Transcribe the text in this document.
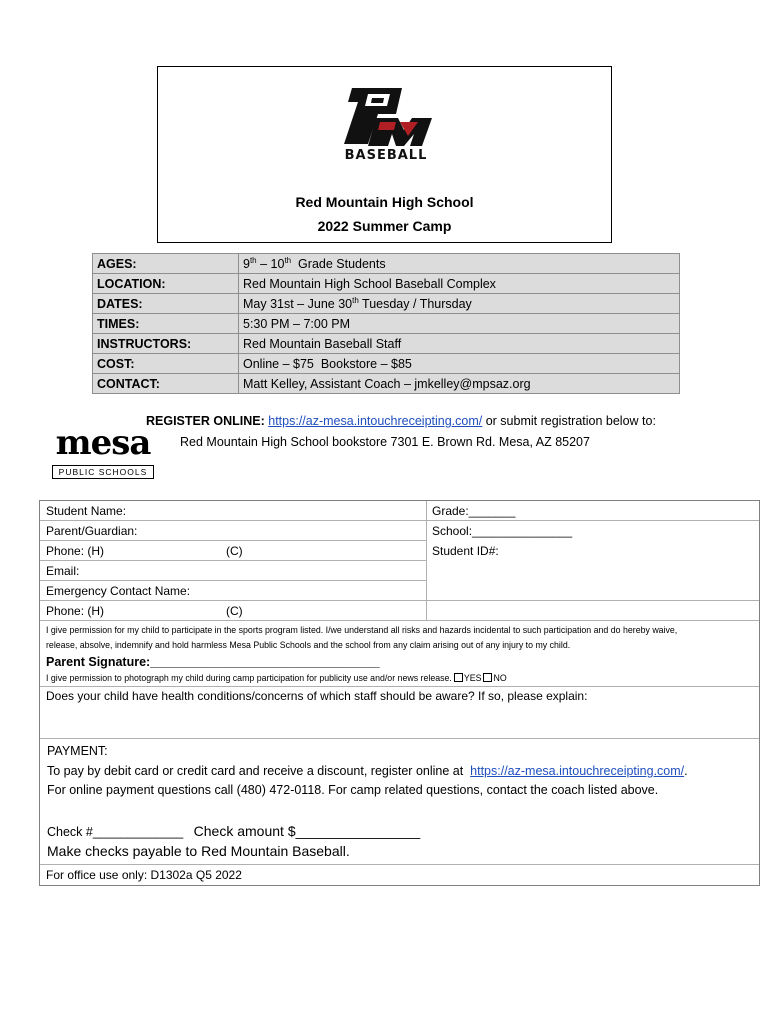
BASEBALL
Red Mountain High School
2022 Summer Camp
AGES:	9th – 10th  Grade Students
LOCATION:	Red Mountain High School Baseball Complex
DATES:	May 31st – June 30th Tuesday / Thursday
TIMES:	5:30 PM – 7:00 PM
INSTRUCTORS:	Red Mountain Baseball Staff
COST:	Online – $75  Bookstore – $85
CONTACT:	Matt Kelley, Assistant Coach – jmkelley@mpsaz.org
REGISTER ONLINE: https://az-mesa.intouchreceipting.com/ or submit registration below to:
Red Mountain High School bookstore 7301 E. Brown Rd. Mesa, AZ 85207
mesa
PUBLIC SCHOOLS
Student Name:	Grade:_______
Parent/Guardian:	School:_______________
Phone: (H)	(C)	Student ID#:
Email:
Emergency Contact Name:
Phone: (H)	(C)
I give permission for my child to participate in the sports program listed. I/we understand all risks and hazards incidental to such participation and do hereby waive,
release, absolve, indemnify and hold harmless Mesa Public Schools and the school from any claim arising out of any injury to my child.
Parent Signature:_________________________________
I give permission to photograph my child during camp participation for publicity use and/or news release. YES NO
Does your child have health conditions/concerns of which staff should be aware? If so, please explain:
PAYMENT:
To pay by debit card or credit card and receive a discount, register online at  https://az-mesa.intouchreceipting.com/.
For online payment questions call (480) 472-0118. For camp related questions, contact the coach listed above.
Check #_____________ Check amount $________________
Make checks payable to Red Mountain Baseball.
For office use only: D1302a Q5 2022
